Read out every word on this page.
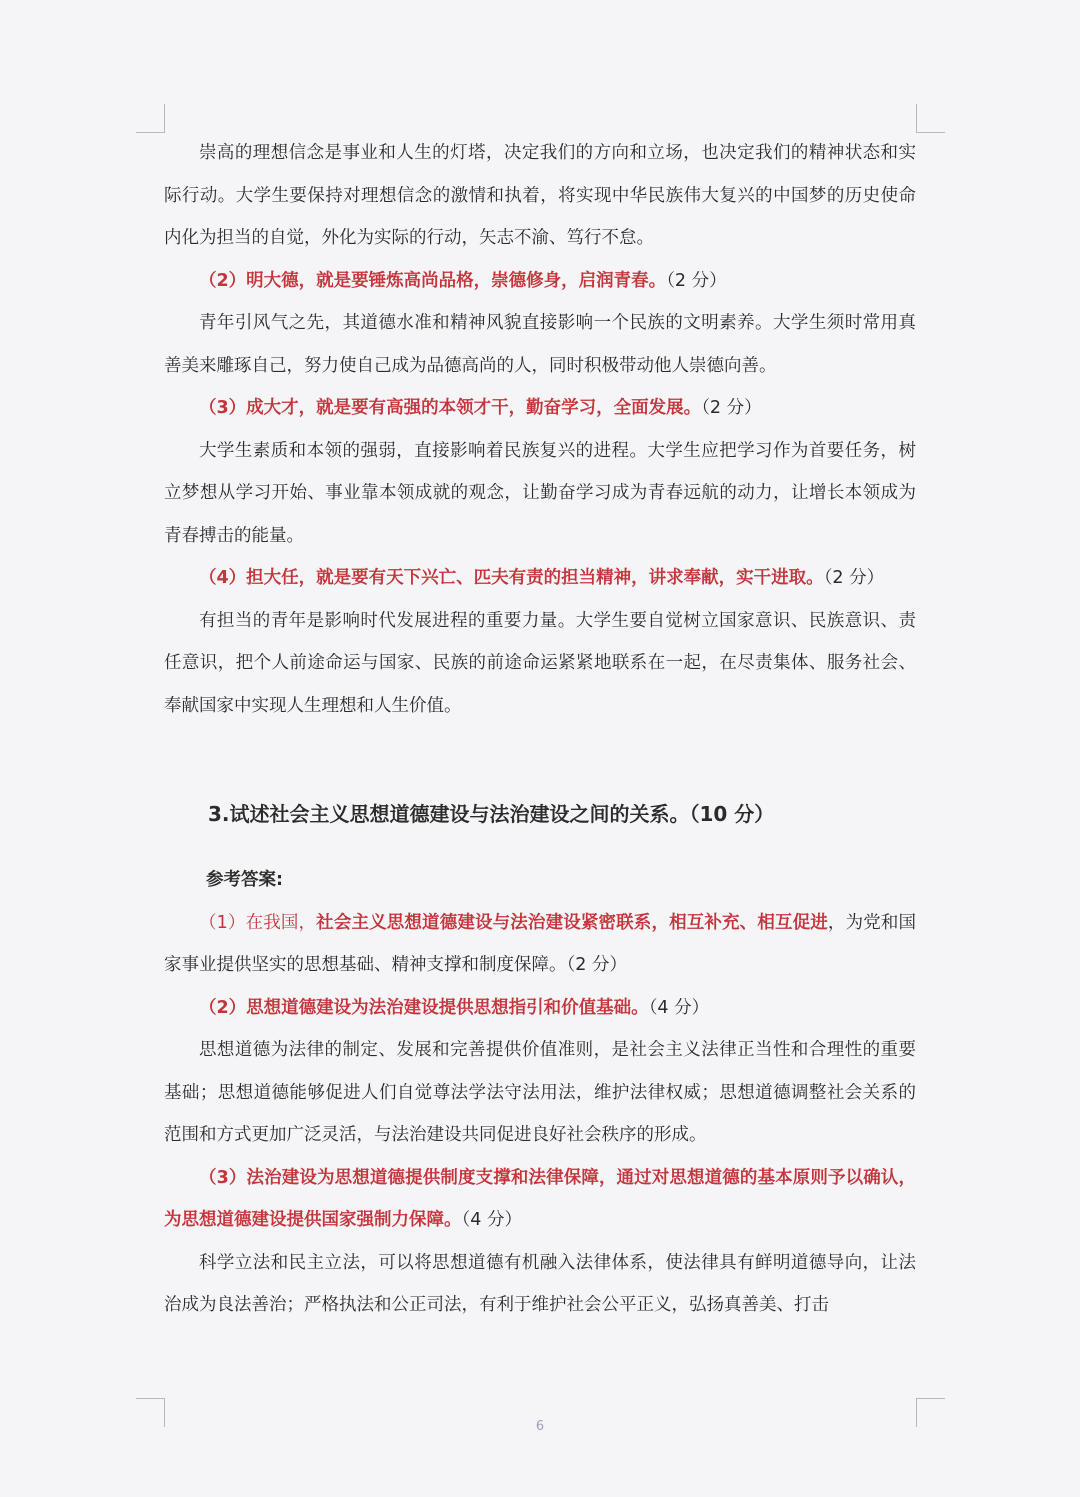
崇高的理想信念是事业和人生的灯塔，决定我们的方向和立场，也决定我们的精神状态和实际行动。大学生要保持对理想信念的激情和执着，将实现中华民族伟大复兴的中国梦的历史使命内化为担当的自觉，外化为实际的行动，矢志不渝、笃行不怠。

（2）明大德，就是要锤炼高尚品格，崇德修身，启润青春。（2 分）

青年引风气之先，其道德水准和精神风貌直接影响一个民族的文明素养。大学生须时常用真善美来雕琢自己，努力使自己成为品德高尚的人，同时积极带动他人崇德向善。

（3）成大才，就是要有高强的本领才干，勤奋学习，全面发展。（2 分）

大学生素质和本领的强弱，直接影响着民族复兴的进程。大学生应把学习作为首要任务，树立梦想从学习开始、事业靠本领成就的观念，让勤奋学习成为青春远航的动力，让增长本领成为青春搏击的能量。

（4）担大任，就是要有天下兴亡、匹夫有责的担当精神，讲求奉献，实干进取。（2 分）

有担当的青年是影响时代发展进程的重要力量。大学生要自觉树立国家意识、民族意识、责任意识，把个人前途命运与国家、民族的前途命运紧紧地联系在一起，在尽责集体、服务社会、奉献国家中实现人生理想和人生价值。

3.试述社会主义思想道德建设与法治建设之间的关系。（10 分）

参考答案:

（1）在我国，社会主义思想道德建设与法治建设紧密联系，相互补充、相互促进，为党和国家事业提供坚实的思想基础、精神支撑和制度保障。（2 分）

（2）思想道德建设为法治建设提供思想指引和价值基础。（4 分）

思想道德为法律的制定、发展和完善提供价值准则，是社会主义法律正当性和合理性的重要基础；思想道德能够促进人们自觉尊法学法守法用法，维护法律权威；思想道德调整社会关系的范围和方式更加广泛灵活，与法治建设共同促进良好社会秩序的形成。

（3）法治建设为思想道德提供制度支撑和法律保障，通过对思想道德的基本原则予以确认，为思想道德建设提供国家强制力保障。（4 分）

科学立法和民主立法，可以将思想道德有机融入法律体系，使法律具有鲜明道德导向，让法治成为良法善治；严格执法和公正司法，有利于维护社会公平正义，弘扬真善美、打击

6
